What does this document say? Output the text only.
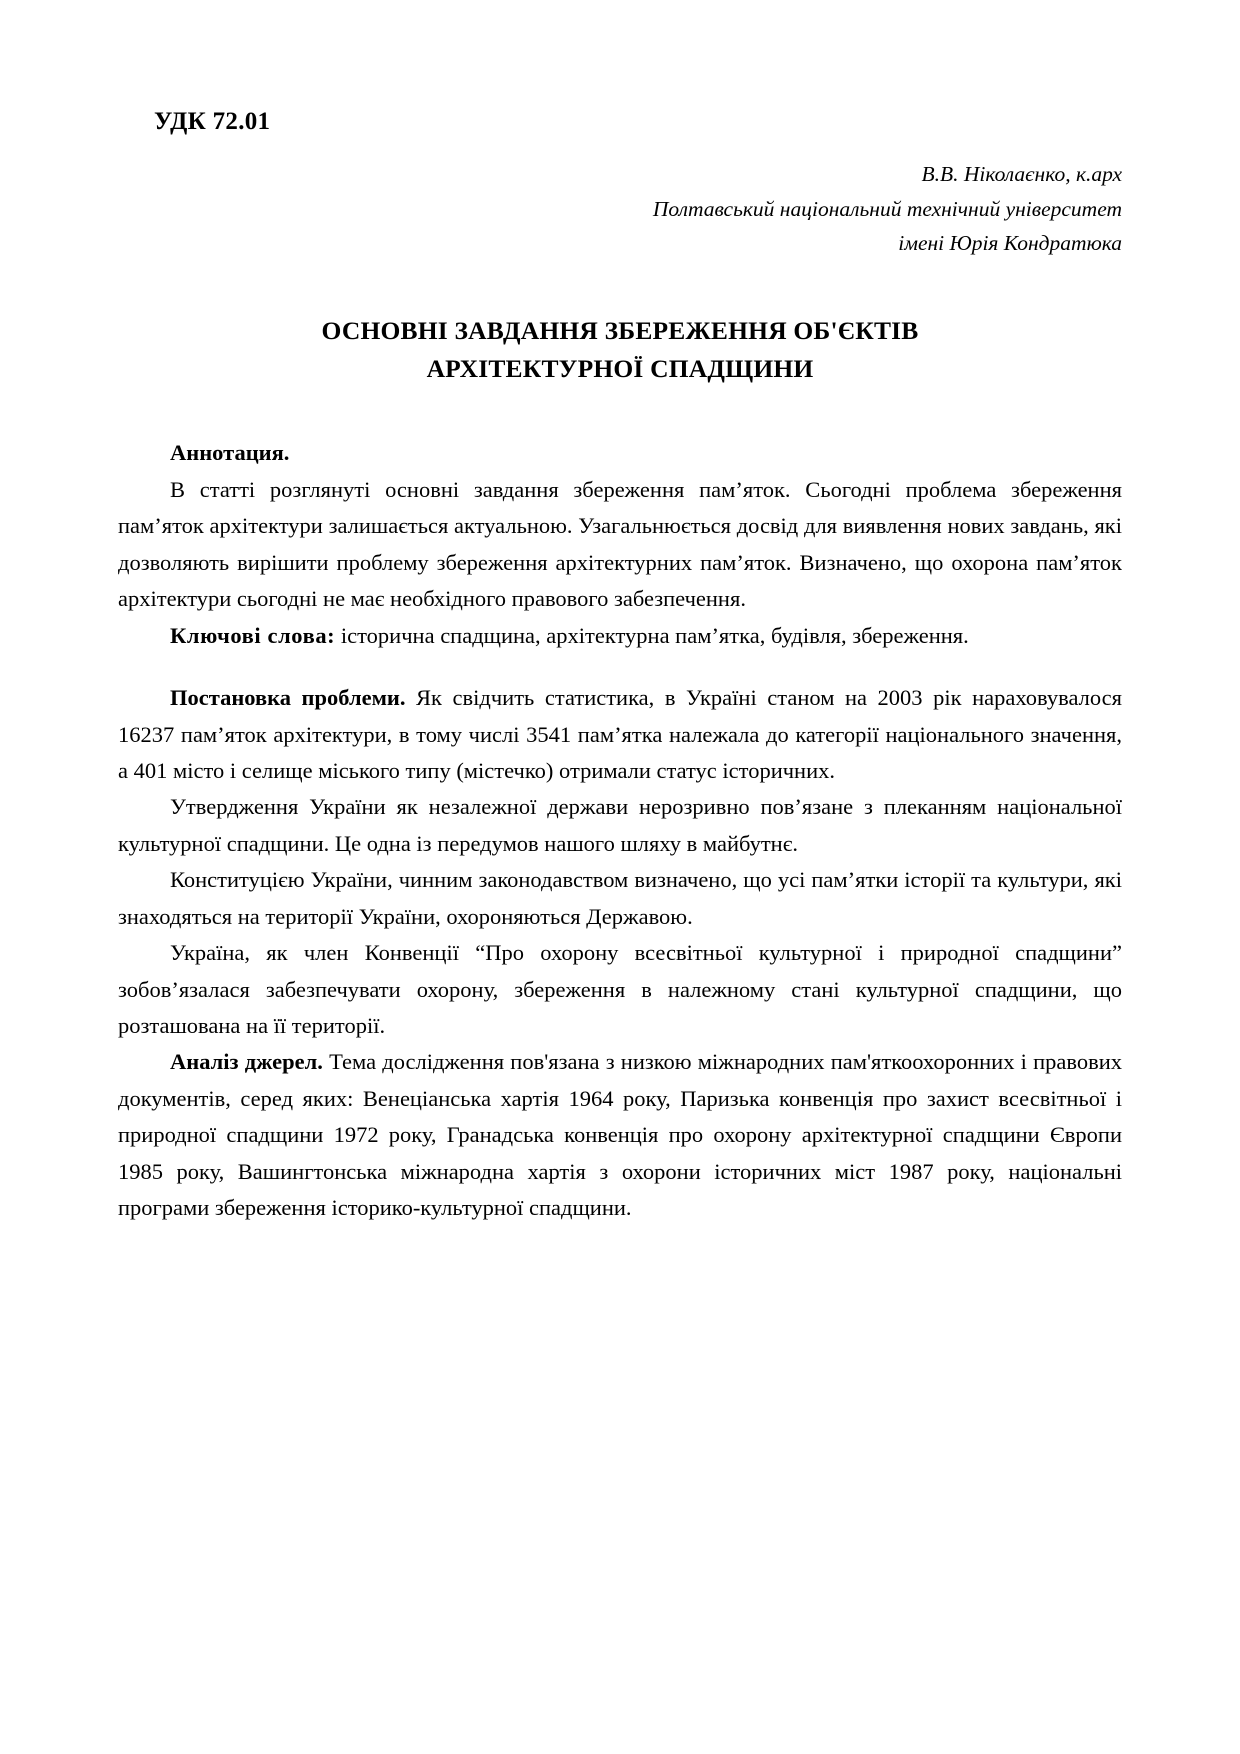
УДК 72.01
В.В. Ніколаєнко, к.арх
Полтавський національний технічний університет
імені Юрія Кондратюка
ОСНОВНІ ЗАВДАННЯ ЗБЕРЕЖЕННЯ ОБ'ЄКТІВ
АРХІТЕКТУРНОЇ СПАДЩИНИ
Аннотация.

В статті розглянуті основні завдання збереження пам’яток. Сьогодні проблема збереження пам’яток архітектури залишається актуальною. Узагальнюється досвід для виявлення нових завдань, які дозволяють вирішити проблему збереження архітектурних пам’яток. Визначено, що охорона пам’яток архітектури сьогодні не має необхідного правового забезпечення.

Ключові слова: історична спадщина, архітектурна пам’ятка, будівля, збереження.

Постановка проблеми. Як свідчить статистика, в Україні станом на 2003 рік нараховувалося 16237 пам’яток архітектури, в тому числі 3541 пам’ятка належала до категорії національного значення, а 401 місто і селище міського типу (містечко) отримали статус історичних.

Утвердження України як незалежної держави нерозривно пов’язане з плеканням національної культурної спадщини. Це одна із передумов нашого шляху в майбутнє.

Конституцією України, чинним законодавством визначено, що усі пам’ятки історії та культури, які знаходяться на території України, охороняються Державою.

Україна, як член Конвенції “Про охорону всесвітньої культурної і природної спадщини” зобов’язалася забезпечувати охорону, збереження в належному стані культурної спадщини, що розташована на її території.

Аналіз джерел. Тема дослідження пов'язана з низкою міжнародних пам'яткоохоронних і правових документів, серед яких: Венеціанська хартія 1964 року, Паризька конвенція про захист всесвітньої і природної спадщини 1972 року, Гранадська конвенція про охорону архітектурної спадщини Європи 1985 року, Вашингтонська міжнародна хартія з охорони історичних міст 1987 року, національні програми збереження історико-культурної спадщини.
